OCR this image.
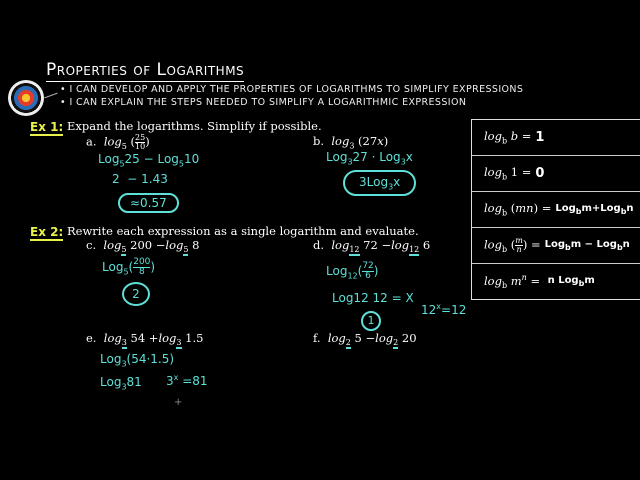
Properties of Logarithms
• I CAN DEVELOP AND APPLY THE PROPERTIES OF LOGARITHMS TO SIMPLIFY EXPRESSIONS
• I CAN EXPLAIN THE STEPS NEEDED TO SIMPLIFY A LOGARITHMIC EXPRESSION
Ex 1: Expand the logarithms. Simplify if possible.
a. $\log_5$ ( $\frac{25}{10}$ )
Log$_5$25 − Log$_5$10
2  − 1.43
≈0.57
b. $\log_3 (27x)$
Log$_3$27 · Log$_3$x
3Log$_3$x
Ex 2: Rewrite each expression as a single logarithm and evaluate.
c. $\log_5 200 -\log_5$ 8
$Log_5( \frac{200}{8}$ )
2
d. $\log_{12} 72 -\log_{12}$ 6
$Log_{12}( \frac{72}{6}$ )
Log12 12 = X
$12^x=12$
1
e. $\log_3 54 +\log_3$ 1.5
Log$_3$(54·1.5)
Log$_3$81 $3^x =81$
+
f. $\log_2 5 -\log_2$ 20
$\log_b b = 1$
$\log_b 1 = 0$
$\log_b (mn) = Log_bm+Log_bn$
$\log_b$ ( $\frac{m}{n}$ ) = Log$_b$m − Log$_b$n
$\log_b m^n = n$ Log$_b$m
